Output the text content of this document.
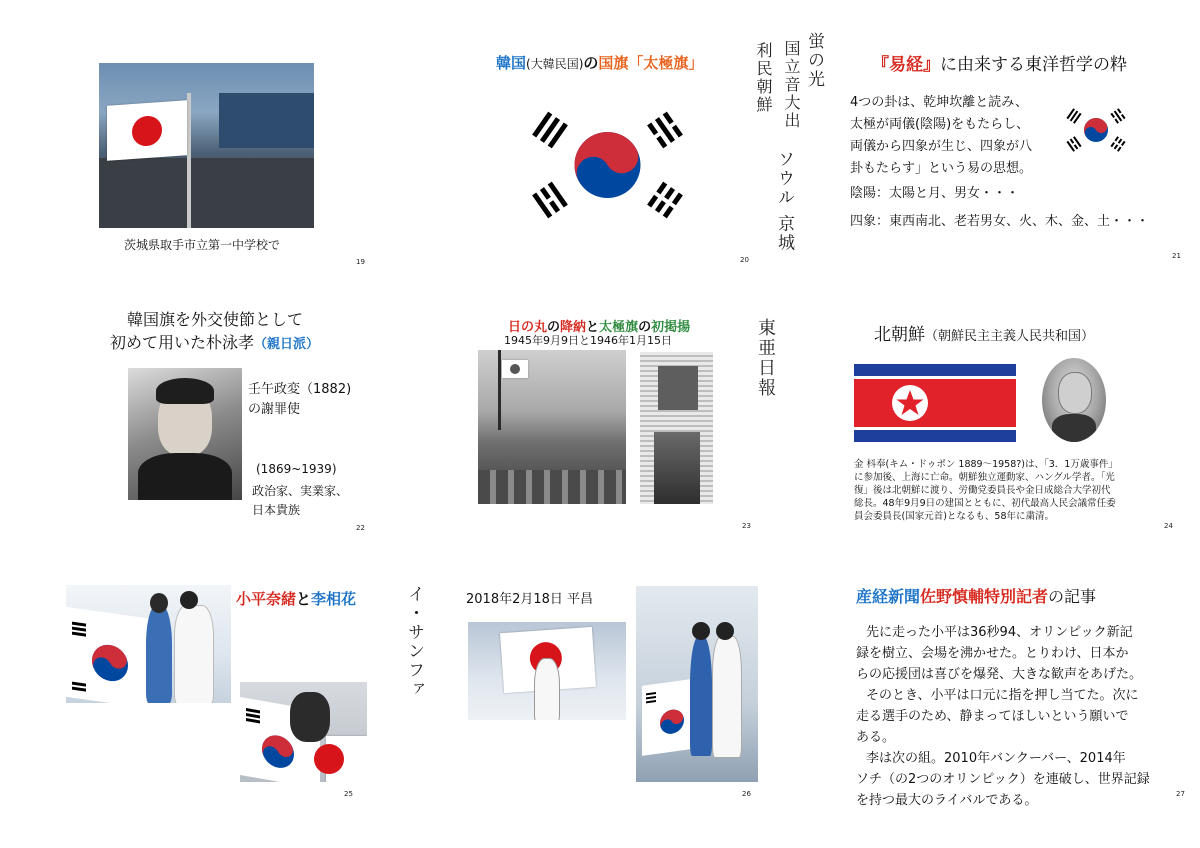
茨城県取手市立第一中学校で
19
韓国(大韓民国)の国旗「太極旗」
20
蛍の光
国立音大出
利民朝鮮
ソウル 京城
『易経』に由来する東洋哲学の粋
4つの卦は、乾坤坎離と読み、
太極が両儀(陰陽)をもたらし、
両儀から四象が生じ、四象が八
卦もたらす」という易の思想。
陰陽：太陽と月、男女・・・
四象：東西南北、老若男女、火、木、金、土・・・
21
韓国旗を外交使節として
初めて用いた朴泳孝（親日派）
壬午政変（1882)
の謝罪使
(1869~1939)
政治家、実業家、
日本貴族
22
日の丸の降納と太極旗の初掲揚
1945年9月9日と1946年1月15日
23
東亜日報	北朝鮮（朝鮮民主主義人民共和国）
金 枓奉(キム・ドゥボン 1889～1958?)は、「3．1万歳事件」
に参加後、上海に亡命。朝鮮独立運動家、ハングル学者。「光
復」後は北朝鮮に渡り、労働党委員長や金日成総合大学初代
総長。48年9月9日の建国とともに、初代最高人民会議常任委
員会委員長(国家元首)となるも、58年に粛清。
24
小平奈緒と李相花
25
イ・サンファ	2018年2月18日 平昌
26
産経新聞佐野慎輔特別記者の記事
先に走った小平は36秒94、オリンピック新記
録を樹立、会場を沸かせた。とりわけ、日本か
らの応援団は喜びを爆発、大きな歓声をあげた。
そのとき、小平は口元に指を押し当てた。次に
走る選手のため、静まってほしいという願いで
ある。
李は次の組。2010年バンクーバー、2014年
ソチ（の2つのオリンピック）を連破し、世界記録
を持つ最大のライバルである。	27
